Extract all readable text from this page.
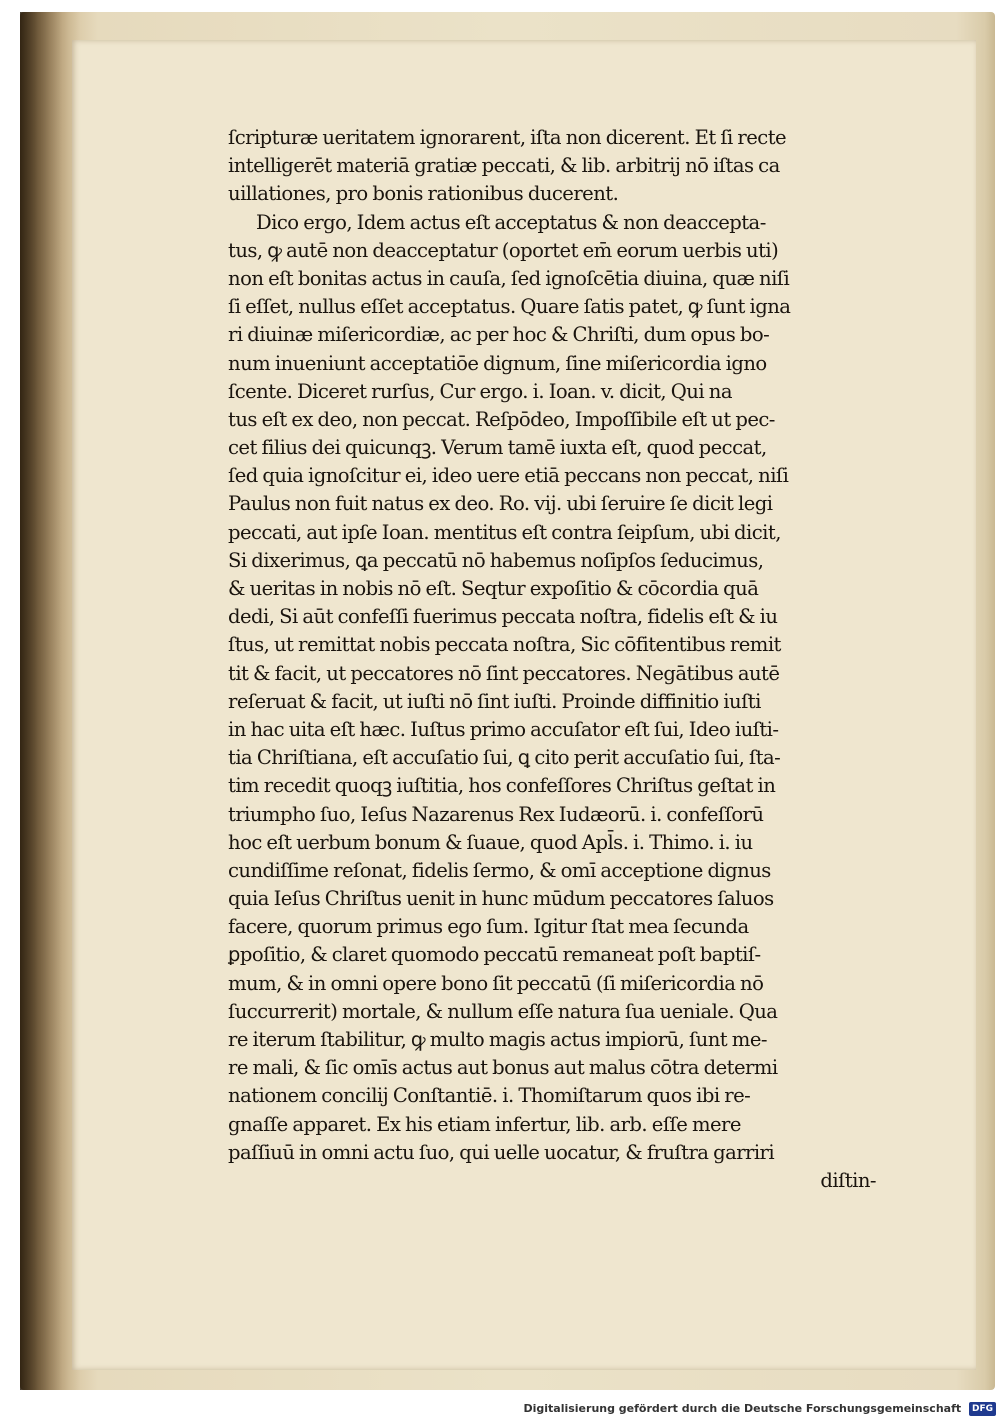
ſcripturæ ueritatem ignorarent, iſta non dicerent. Et ſi recte
intelligerēt materiā gratiæ peccati, & lib. arbitrij nō iſtas ca
uillationes, pro bonis rationibus ducerent.
Dico ergo, Idem actus eſt acceptatus & non deaccepta-
tus, ꝙ autē non deacceptatur (oportet em̄ eorum uerbis uti)
non eſt bonitas actus in cauſa, ſed ignoſcētia diuina, quæ niſi
ſi eſſet, nullus eſſet acceptatus. Quare ſatis patet, ꝙ ſunt igna
ri diuinæ miſericordiæ, ac per hoc & Chriſti, dum opus bo-
num inueniunt acceptatiōe dignum, ſine miſericordia igno
ſcente. Diceret rurſus, Cur ergo. i. Ioan. v. dicit, Qui na
tus eſt ex deo, non peccat. Reſpōdeo, Impoſſibile eſt ut pec-
cet filius dei quicunqꝫ. Verum tamē iuxta eſt, quod peccat,
ſed quia ignoſcitur ei, ideo uere etiā peccans non peccat, niſi
Paulus non fuit natus ex deo. Ro. vij. ubi ſeruire ſe dicit legi
peccati, aut ipſe Ioan. mentitus eſt contra ſeipſum, ubi dicit,
Si dixerimus, ꝗa peccatū nō habemus noſipſos ſeducimus,
& ueritas in nobis nō eſt. Seqtur expoſitio & cōcordia quā
dedi, Si aūt confeſſi fuerimus peccata noſtra, fidelis eſt & iu
ſtus, ut remittat nobis peccata noſtra, Sic cōfitentibus remit
tit & facit, ut peccatores nō ſint peccatores. Negātibus autē
reſeruat & facit, ut iuſti nō ſint iuſti. Proinde diffinitio iuſti
in hac uita eſt hæc. Iuſtus primo accuſator eſt ſui, Ideo iuſti-
tia Chriſtiana, eſt accuſatio ſui, ꝗ cito perit accuſatio ſui, ſta-
tim recedit quoqꝫ iuſtitia, hos confeſſores Chriſtus geſtat in
triumpho ſuo, Ieſus Nazarenus Rex Iudæorū. i. confeſſorū
hoc eſt uerbum bonum & ſuaue, quod Apl̄s. i. Thimo. i. iu
cundiſſime reſonat, fidelis ſermo, & omī acceptione dignus
quia Ieſus Chriſtus uenit in hunc mūdum peccatores ſaluos
facere, quorum primus ego ſum. Igitur ſtat mea ſecunda
ꝑpoſitio, & claret quomodo peccatū remaneat poſt baptiſ-
mum, & in omni opere bono ſit peccatū (ſi miſericordia nō
ſuccurrerit) mortale, & nullum eſſe natura ſua ueniale. Qua
re iterum ſtabilitur, ꝙ multo magis actus impiorū, ſunt me-
re mali, & ſic omīs actus aut bonus aut malus cōtra determi
nationem concilij Conſtantiē. i. Thomiſtarum quos ibi re-
gnaſſe apparet. Ex his etiam infertur, lib. arb. eſſe mere
paſſiuū in omni actu ſuo, qui uelle uocatur, & fruſtra garriri
diſtin-
Digitalisierung gefördert durch die Deutsche Forschungsgemeinschaft DFG
